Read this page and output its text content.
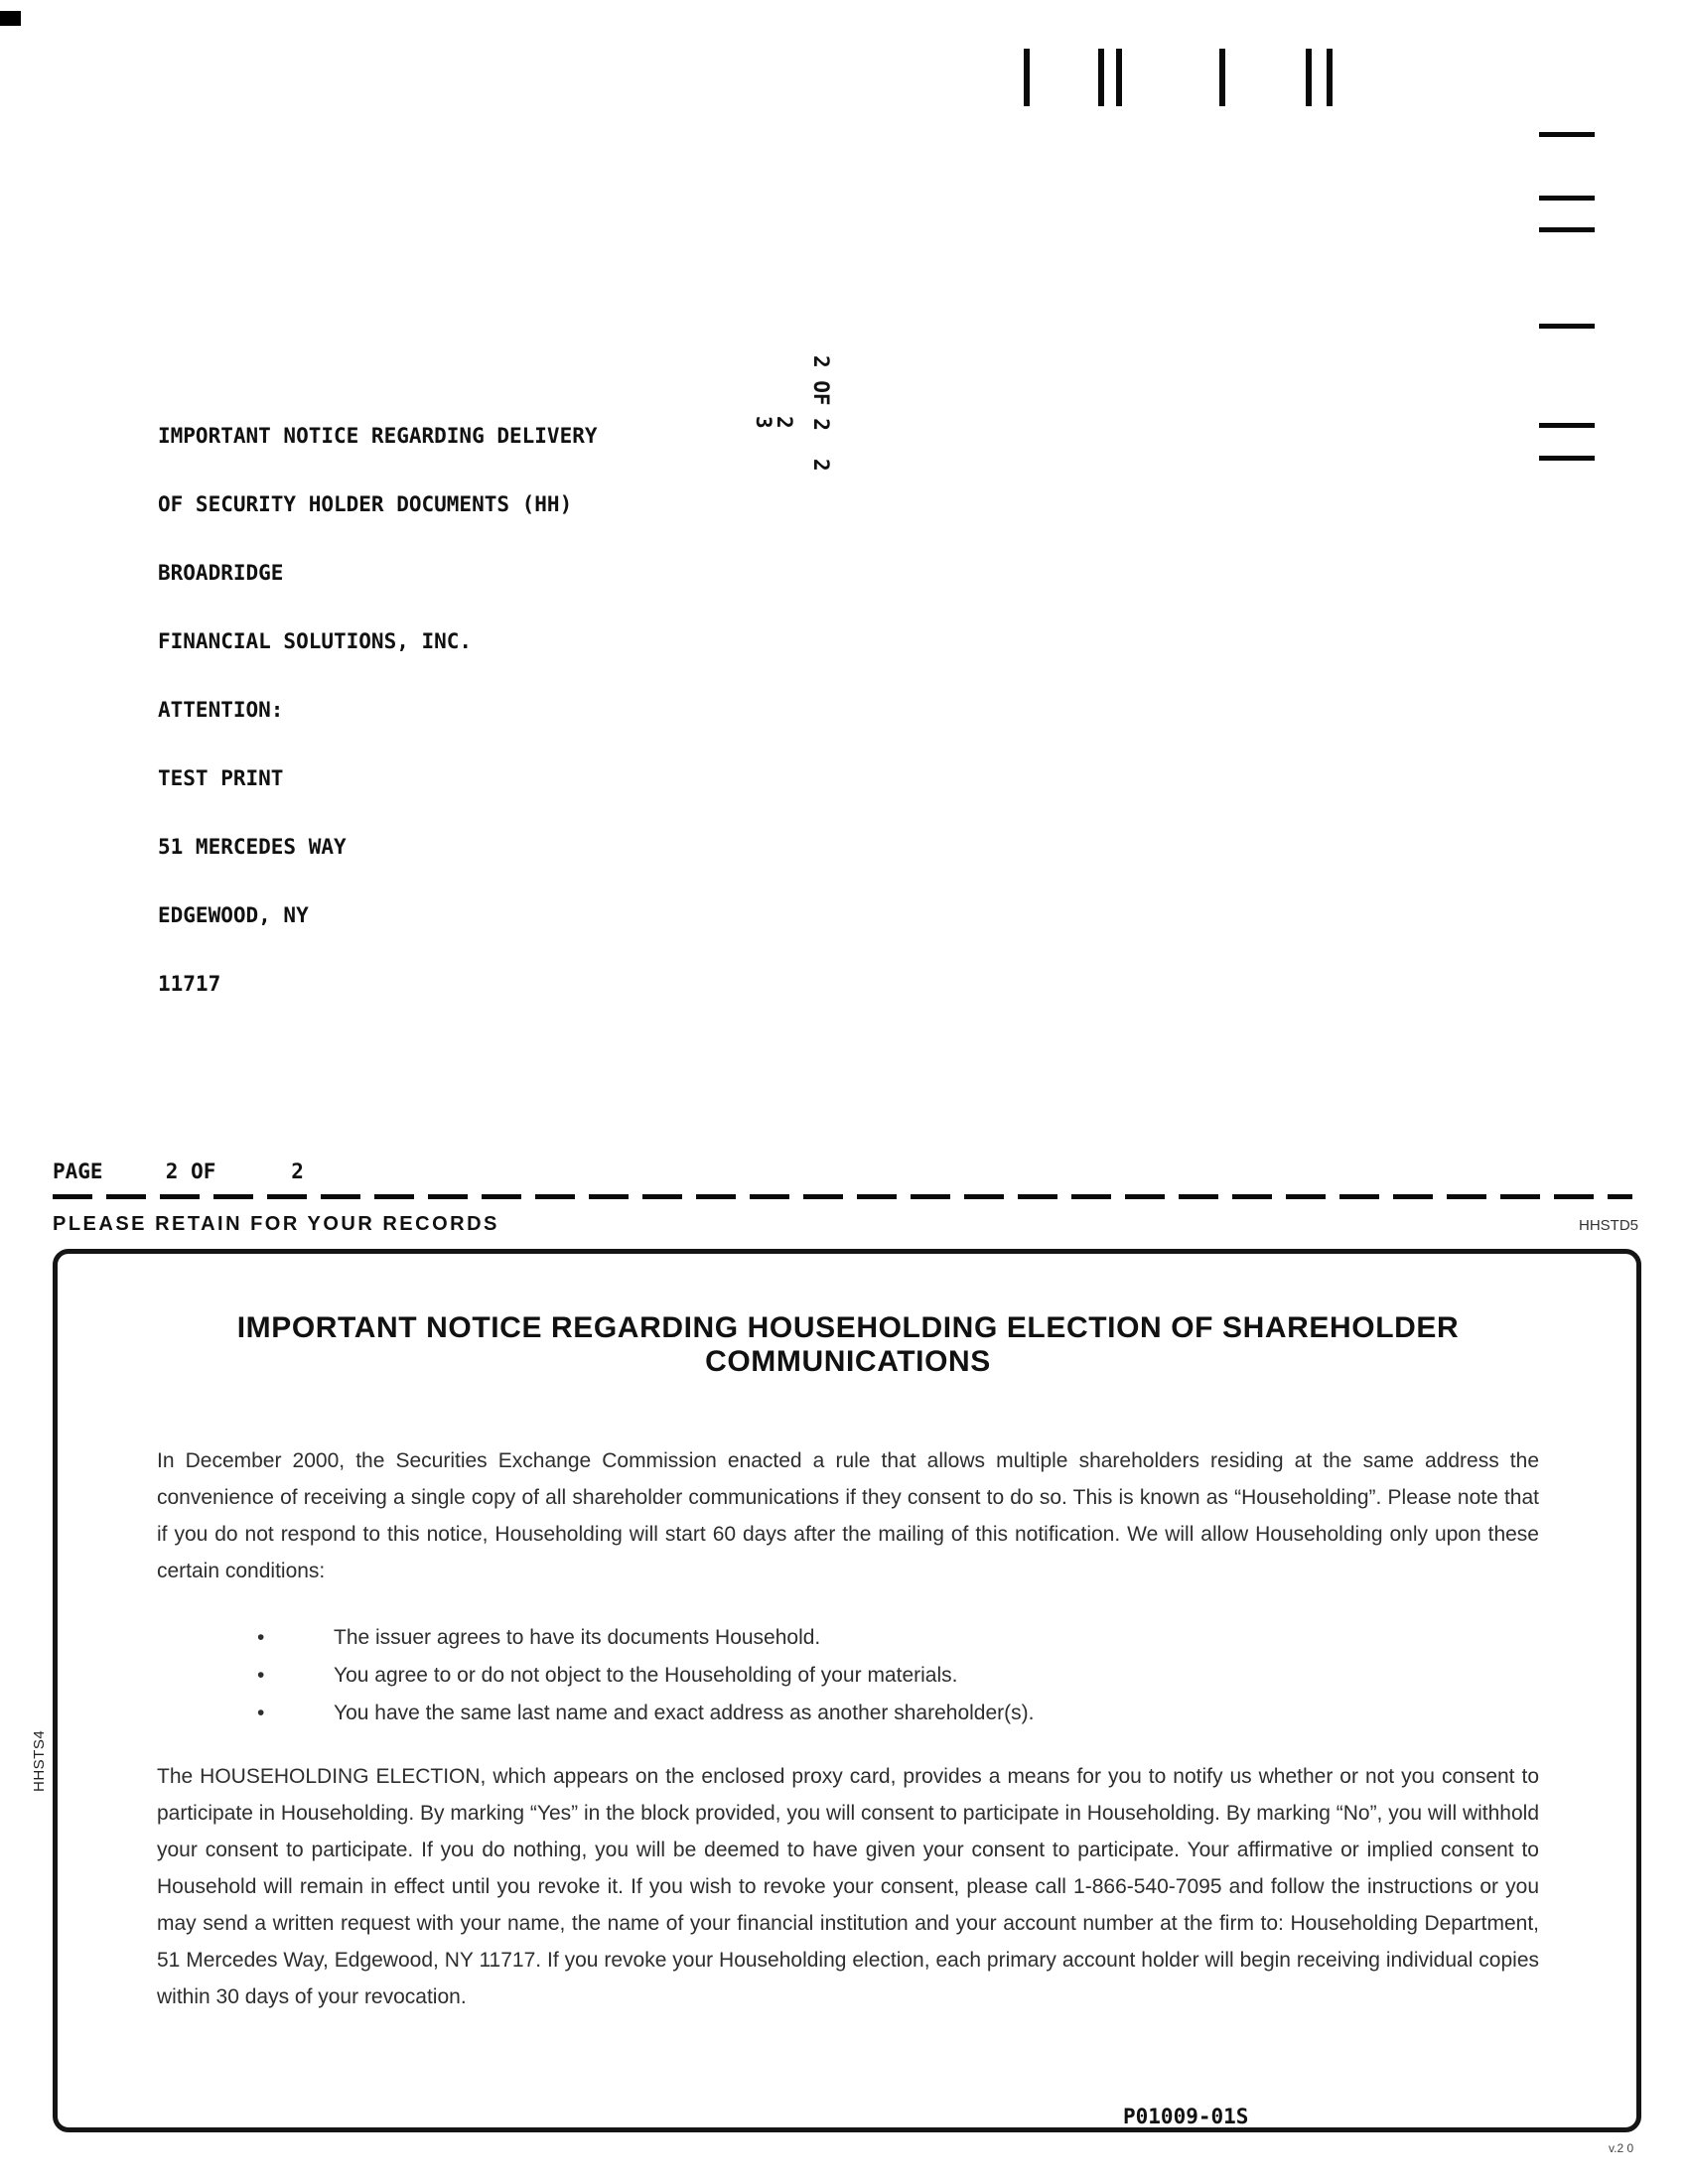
IMPORTANT NOTICE REGARDING DELIVERY

OF SECURITY HOLDER DOCUMENTS (HH)

BROADRIDGE

FINANCIAL SOLUTIONS, INC.

ATTENTION:

TEST PRINT

51 MERCEDES WAY

EDGEWOOD, NY

11717

2 OF 2
2
3
2
PAGE     2 OF      2
PLEASE RETAIN FOR YOUR RECORDS	HHSTD5
HHSTS4
IMPORTANT NOTICE REGARDING HOUSEHOLDING ELECTION OF SHAREHOLDER COMMUNICATIONS
In December 2000, the Securities Exchange Commission enacted a rule that allows multiple shareholders residing at the same address the convenience of receiving a single copy of all shareholder communications if they consent to do so. This is known as “Householding”. Please note that if you do not respond to this notice, Householding will start 60 days after the mailing of this notification. We will allow Householding only upon these certain conditions:
•
The issuer agrees to have its documents Household.
•
You agree to or do not object to the Householding of your materials.
•
You have the same last name and exact address as another shareholder(s).
The HOUSEHOLDING ELECTION, which appears on the enclosed proxy card, provides a means for you to notify us whether or not you consent to participate in Householding. By marking “Yes” in the block provided, you will consent to participate in Householding. By marking “No”, you will withhold your consent to participate. If you do nothing, you will be deemed to have given your consent to participate. Your affirmative or implied consent to Household will remain in effect until you revoke it. If you wish to revoke your consent, please call 1-866-540-7095 and follow the instructions or you may send a written request with your name, the name of your financial institution and your account number at the firm to: Householding Department, 51 Mercedes Way, Edgewood, NY 11717. If you revoke your Householding election, each primary account holder will begin receiving individual copies within 30 days of your revocation.
P01009-01S
v.2 0
